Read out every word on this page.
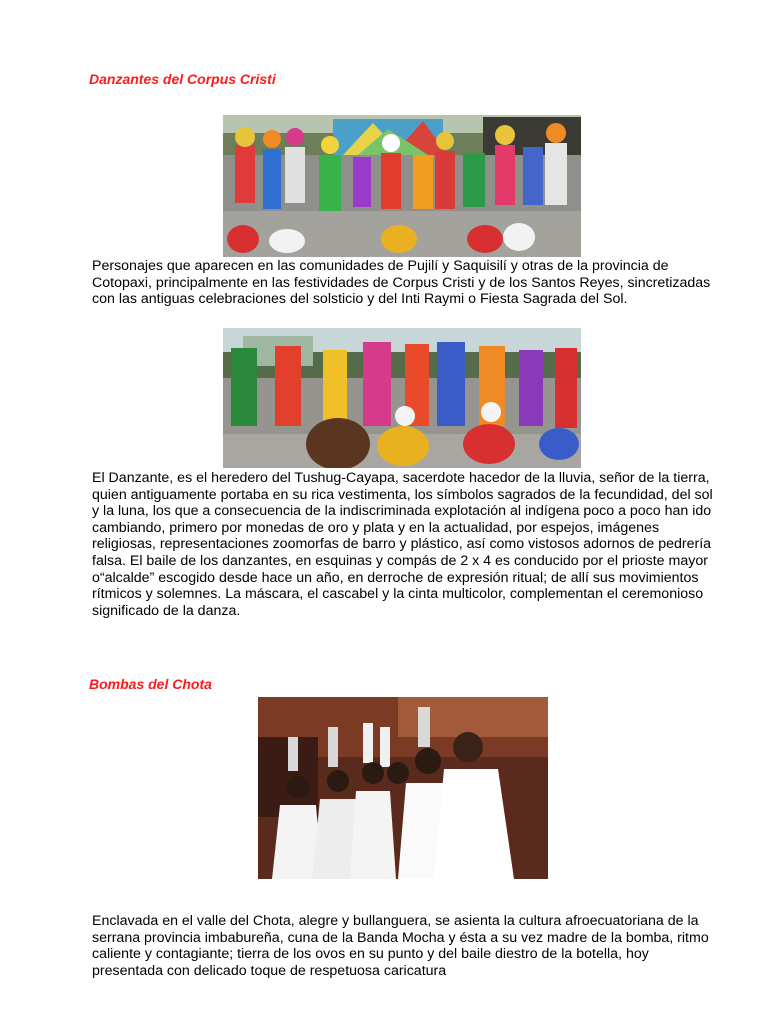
Danzantes del Corpus Cristi

Personajes que aparecen en las comunidades de Pujilí y Saquisilí y otras de la provincia de Cotopaxi, principalmente en las festividades de Corpus Cristi y de los Santos Reyes, sincretizadas con las antiguas celebraciones del solsticio y del Inti Raymi o Fiesta Sagrada del Sol.

El Danzante, es el heredero del Tushug-Cayapa, sacerdote hacedor de la lluvia, señor de la tierra, quien antiguamente portaba en su rica vestimenta, los símbolos sagrados de la fecundidad, del sol y la luna, los que a consecuencia de la indiscriminada explotación al indígena poco a poco han ido cambiando, primero por monedas de oro y plata y en la actualidad, por espejos, imágenes religiosas, representaciones zoomorfas de barro y plástico, así como vistosos adornos de pedrería falsa. El baile de los danzantes, en esquinas y compás de 2 x 4 es conducido por el prioste mayor o“alcalde” escogido desde hace un año, en derroche de expresión ritual; de allí sus movimientos rítmicos y solemnes. La máscara, el cascabel y la cinta multicolor, complementan el ceremonioso significado de la danza.

Bombas del Chota

Enclavada en el valle del Chota, alegre y bullanguera, se asienta la cultura afroecuatoriana de la serrana provincia imbabureña, cuna de la Banda Mocha y ésta a su vez madre de la bomba, ritmo caliente y contagiante; tierra de los ovos en su punto y del baile diestro de la botella, hoy presentada con delicado toque de respetuosa caricatura
